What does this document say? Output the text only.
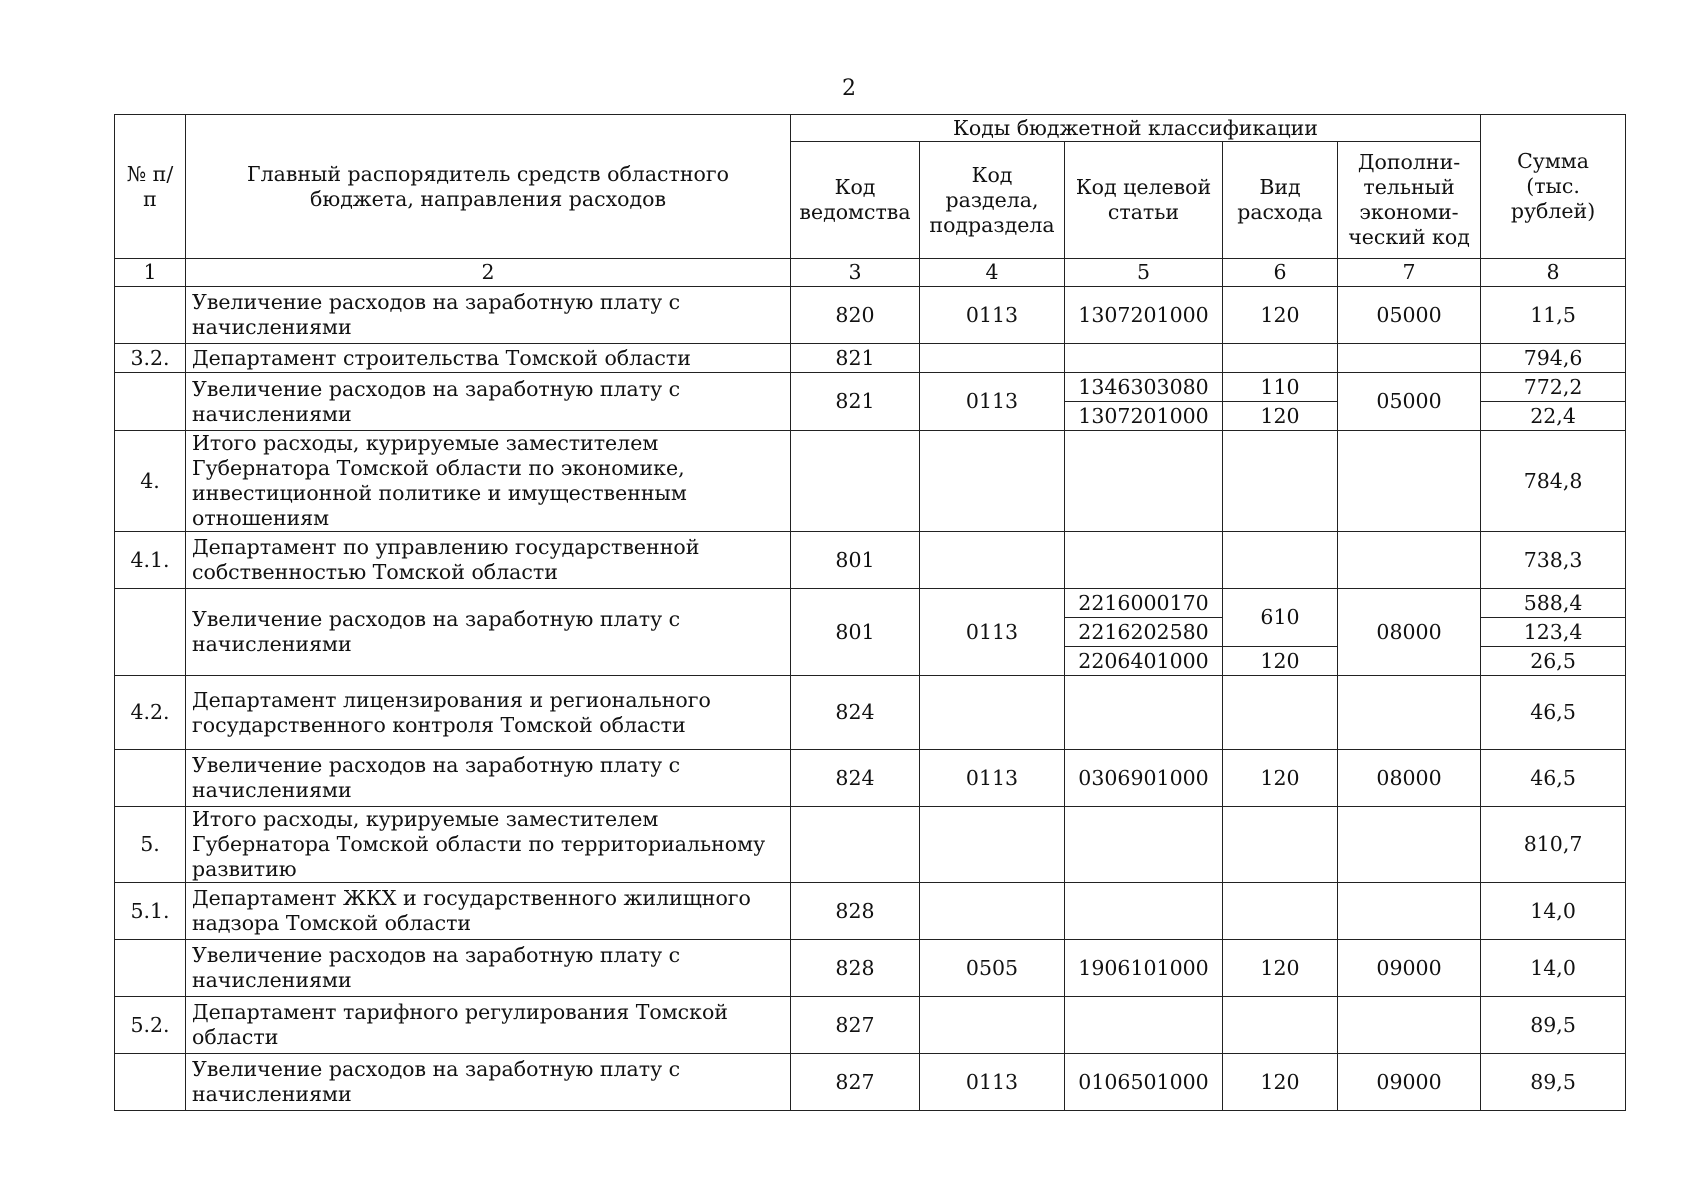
2
№ п/п	Главный распорядитель средств областного бюджета, направления расходов	Коды бюджетной классификации					Сумма (тыс. рублей)
		Код ведомства	Код раздела, подраздела	Код целевой статьи	Вид расхода	Дополни-тельный экономи-ческий код	
1	2	3	4	5	6	7	8
	Увеличение расходов на заработную плату с начислениями	820	0113	1307201000	120	05000	11,5
3.2.	Департамент строительства Томской области	821					794,6
	Увеличение расходов на заработную плату с начислениями	821	0113	1346303080	110	05000	772,2
				1307201000	120		22,4
4.	Итого расходы, курируемые заместителем Губернатора Томской области по экономике, инвестиционной политике и имущественным отношениям						784,8
4.1.	Департамент по управлению государственной собственностью Томской области	801					738,3
	Увеличение расходов на заработную плату с начислениями	801	0113	2216000170	610	08000	588,4
				2216202580			123,4
				2206401000	120		26,5
4.2.	Департамент лицензирования и регионального государственного контроля Томской области	824					46,5
	Увеличение расходов на заработную плату с начислениями	824	0113	0306901000	120	08000	46,5
5.	Итого расходы, курируемые заместителем Губернатора Томской области по территориальному развитию						810,7
5.1.	Департамент ЖКХ и государственного жилищного надзора Томской области	828					14,0
	Увеличение расходов на заработную плату с начислениями	828	0505	1906101000	120	09000	14,0
5.2.	Департамент тарифного регулирования Томской области	827					89,5
	Увеличение расходов на заработную плату с начислениями	827	0113	0106501000	120	09000	89,5
